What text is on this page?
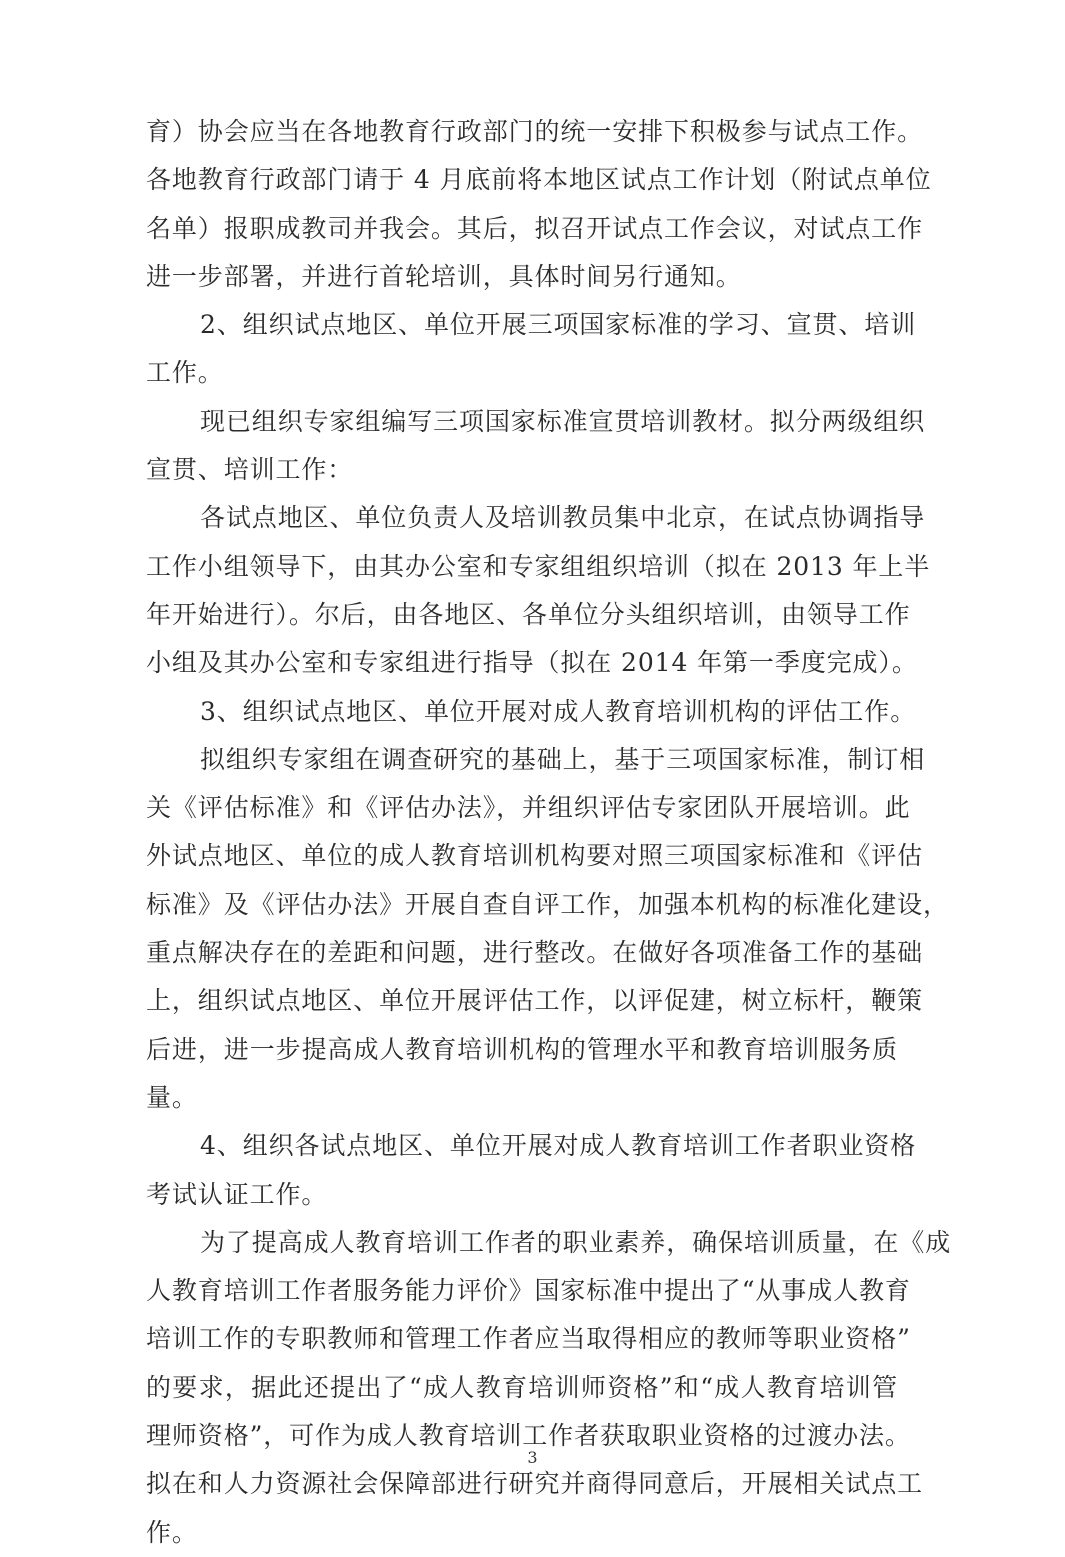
育）协会应当在各地教育行政部门的统一安排下积极参与试点工作。
各地教育行政部门请于 4 月底前将本地区试点工作计划（附试点单位
名单）报职成教司并我会。其后，拟召开试点工作会议，对试点工作
进一步部署，并进行首轮培训，具体时间另行通知。
2、组织试点地区、单位开展三项国家标准的学习、宣贯、培训
工作。
现已组织专家组编写三项国家标准宣贯培训教材。拟分两级组织
宣贯、培训工作：
各试点地区、单位负责人及培训教员集中北京，在试点协调指导
工作小组领导下，由其办公室和专家组组织培训（拟在 2013 年上半
年开始进行）。尔后，由各地区、各单位分头组织培训，由领导工作
小组及其办公室和专家组进行指导（拟在 2014 年第一季度完成）。
3、组织试点地区、单位开展对成人教育培训机构的评估工作。
拟组织专家组在调查研究的基础上，基于三项国家标准，制订相
关《评估标准》和《评估办法》，并组织评估专家团队开展培训。此
外试点地区、单位的成人教育培训机构要对照三项国家标准和《评估
标准》及《评估办法》开展自查自评工作，加强本机构的标准化建设，
重点解决存在的差距和问题，进行整改。在做好各项准备工作的基础
上，组织试点地区、单位开展评估工作，以评促建，树立标杆，鞭策
后进，进一步提高成人教育培训机构的管理水平和教育培训服务质
量。
4、组织各试点地区、单位开展对成人教育培训工作者职业资格
考试认证工作。
为了提高成人教育培训工作者的职业素养，确保培训质量，在《成
人教育培训工作者服务能力评价》国家标准中提出了“从事成人教育
培训工作的专职教师和管理工作者应当取得相应的教师等职业资格”
的要求，据此还提出了“成人教育培训师资格”和“成人教育培训管
理师资格”，可作为成人教育培训工作者获取职业资格的过渡办法。
拟在和人力资源社会保障部进行研究并商得同意后，开展相关试点工
作。
3
